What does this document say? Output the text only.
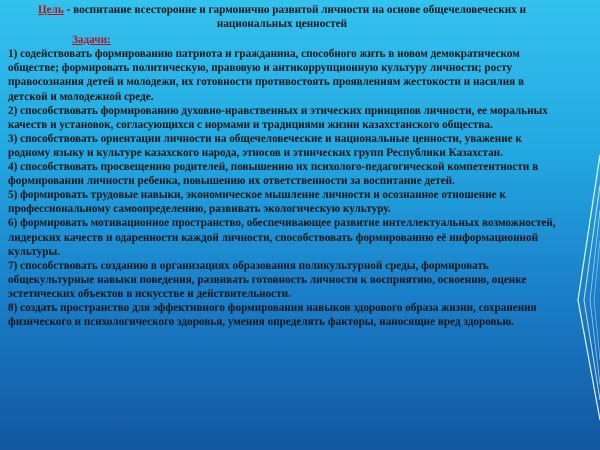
Цель - воспитание всесторонне и гармонично развитой личности на основе общечеловеческих и национальных ценностей
Задачи:

1) содействовать формированию патриота и гражданина, способного жить в новом демократическом обществе; формировать политическую, правовую и антикоррупционную культуру личности; росту правосознания детей и молодежи, их готовности противостоять проявлениям жестокости и насилия в детской и молодежной среде.

2) способствовать формированию духовно-нравственных и этических принципов личности, ее моральных качеств и установок, согласующихся с нормами и традициями жизни казахстанского общества.

3) способствовать ориентации личности на общечеловеческие и национальные ценности, уважение к родному языку и культуре казахского народа, этносов и этнических групп Республики Казахстан.

4) способствовать просвещению родителей, повышению их психолого-педагогической компетентности в формировании личности ребенка, повышению их ответственности за воспитание детей.

5) формировать трудовые навыки, экономическое мышление личности и осознанное отношение к профессиональному самоопределению, развивать экологическую культуру.

6) формировать мотивационное пространство, обеспечивающее развитие интеллектуальных возможностей, лидерских качеств и одаренности каждой личности, способствовать формированию её информационной культуры.

7) способствовать созданию в организациях образования поликультурной среды, формировать общекультурные навыки поведения, развивать готовность личности к восприятию, освоению, оценке эстетических объектов в искусстве и действительности.

8) создать пространство для эффективного формирования навыков здорового образа жизни, сохранения физического и психологического здоровья, умения определять факторы, наносящие вред здоровью.
